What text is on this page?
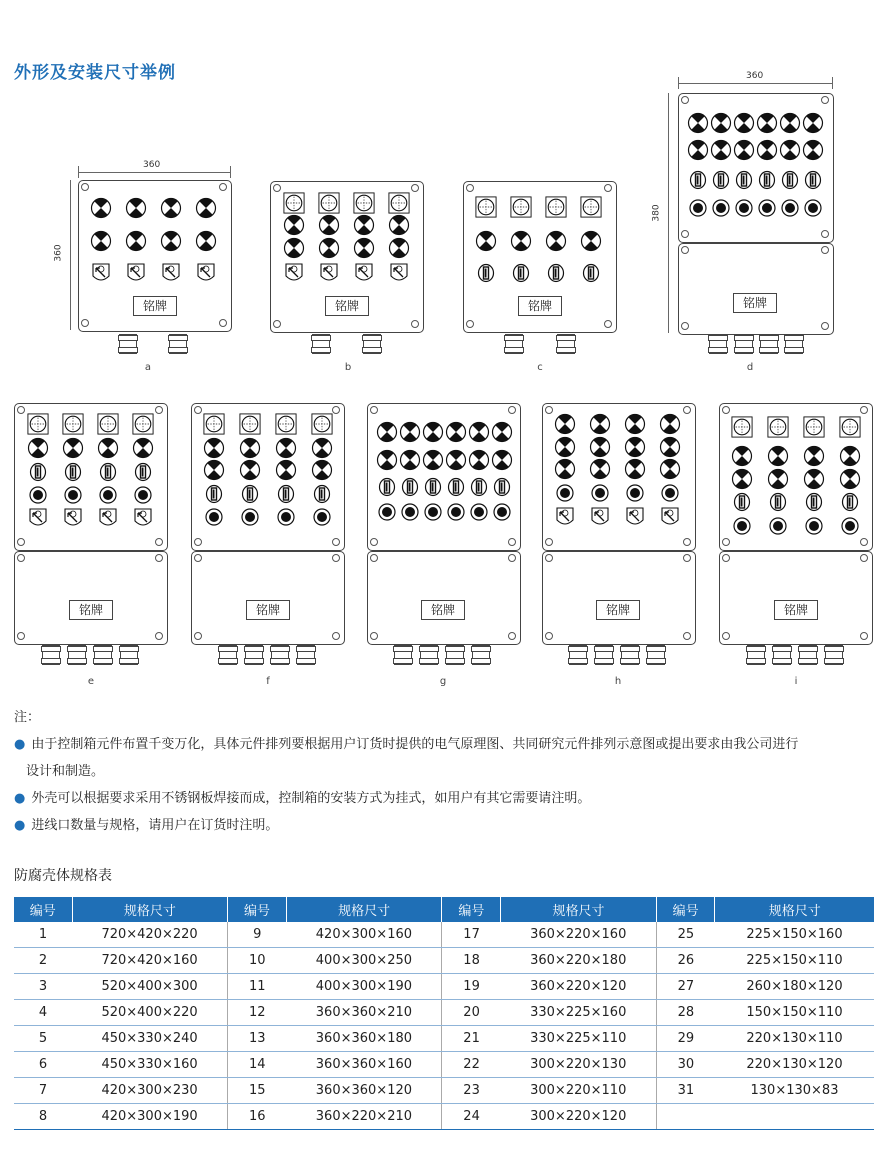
外形及安装尺寸举例
铭牌
a
360
360
铭牌
b
铭牌
c
铭牌
d
360
380
铭牌
e
铭牌
f
铭牌
g
铭牌
h
铭牌
i
注：
● 由于控制箱元件布置千变万化，具体元件排列要根据用户订货时提供的电气原理图、共同研究元件排列示意图或提出要求由我公司进行
设计和制造。
● 外壳可以根据要求采用不锈钢板焊接而成，控制箱的安装方式为挂式，如用户有其它需要请注明。
● 进线口数量与规格，请用户在订货时注明。
防腐壳体规格表
编号	规格尺寸	编号	规格尺寸	编号	规格尺寸	编号	规格尺寸
1	720×420×220	9	420×300×160	17	360×220×160	25	225×150×160
2	720×420×160	10	400×300×250	18	360×220×180	26	225×150×110
3	520×400×300	11	400×300×190	19	360×220×120	27	260×180×120
4	520×400×220	12	360×360×210	20	330×225×160	28	150×150×110
5	450×330×240	13	360×360×180	21	330×225×110	29	220×130×110
6	450×330×160	14	360×360×160	22	300×220×130	30	220×130×120
7	420×300×230	15	360×360×120	23	300×220×110	31	130×130×83
8	420×300×190	16	360×220×210	24	300×220×120		
